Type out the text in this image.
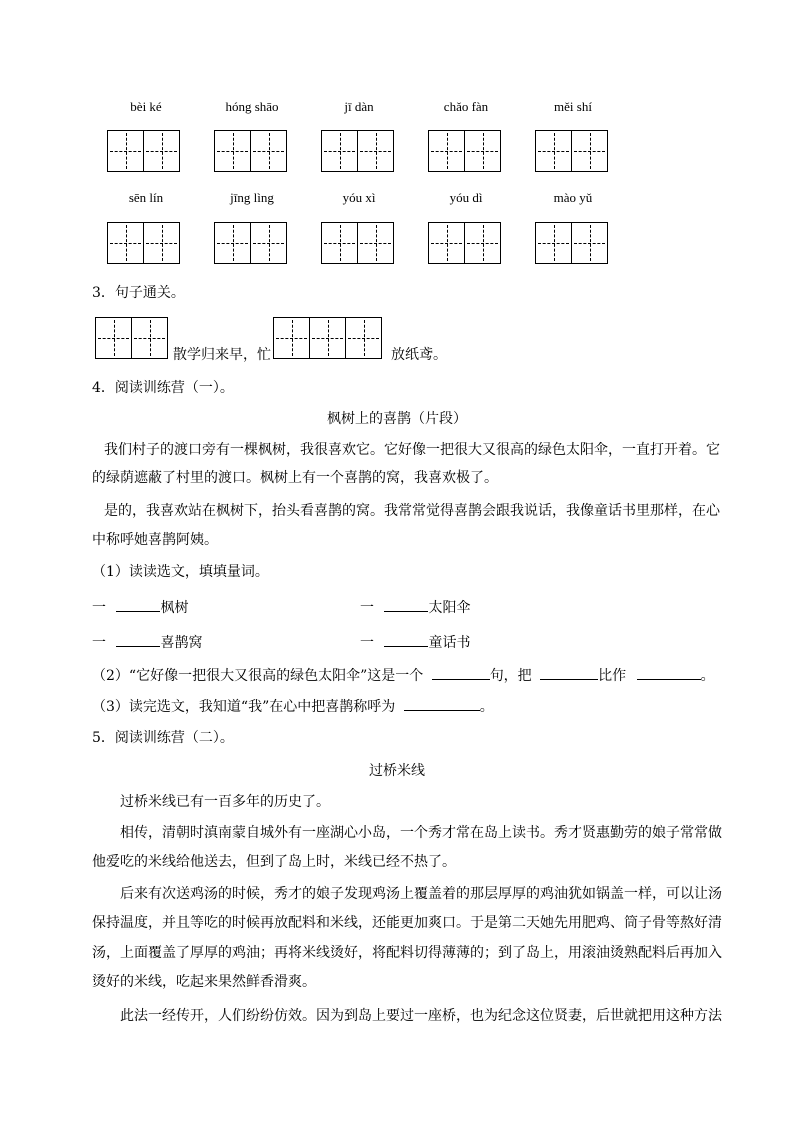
bèi ké	hóng shāo	jī dàn	chǎo fàn	měi shí
sēn lín	jīng lìng	yóu xì	yóu dì	mào yǔ
3．句子通关。
散学归来早，忙	放纸鸢。
4．阅读训练营（一）。
枫树上的喜鹊（片段）
我们村子的渡口旁有一棵枫树，我很喜欢它。它好像一把很大又很高的绿色太阳伞，一直打开着。它
的绿荫遮蔽了村里的渡口。枫树上有一个喜鹊的窝，我喜欢极了。
是的，我喜欢站在枫树下，抬头看喜鹊的窝。我常常觉得喜鹊会跟我说话，我像童话书里那样，在心
中称呼她喜鹊阿姨。
（1）读读选文，填填量词。
一	枫树	一	太阳伞
一	喜鹊窝	一	童话书
（2）“它好像一把很大又很高的绿色太阳伞”这是一个	句，把	比作	。
（3）读完选文，我知道“我”在心中把喜鹊称呼为	。
5．阅读训练营（二）。
过桥米线
过桥米线已有一百多年的历史了。
相传，清朝时滇南蒙自城外有一座湖心小岛，一个秀才常在岛上读书。秀才贤惠勤劳的娘子常常做
他爱吃的米线给他送去，但到了岛上时，米线已经不热了。
后来有次送鸡汤的时候，秀才的娘子发现鸡汤上覆盖着的那层厚厚的鸡油犹如锅盖一样，可以让汤
保持温度，并且等吃的时候再放配料和米线，还能更加爽口。于是第二天她先用肥鸡、筒子骨等熬好清
汤，上面覆盖了厚厚的鸡油；再将米线烫好，将配料切得薄薄的；到了岛上，用滚油烫熟配料后再加入
烫好的米线，吃起来果然鲜香滑爽。
此法一经传开，人们纷纷仿效。因为到岛上要过一座桥，也为纪念这位贤妻，后世就把用这种方法
